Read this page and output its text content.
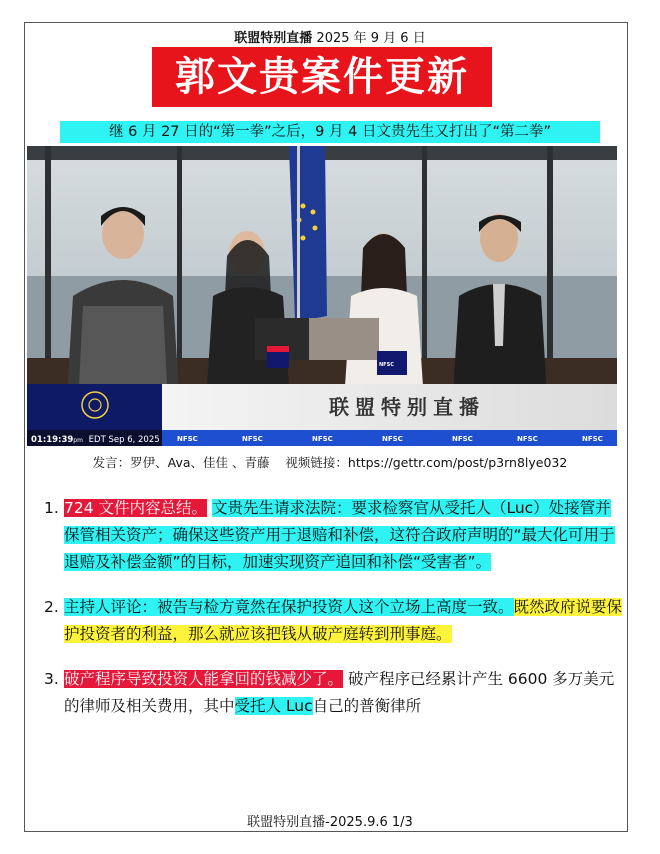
联盟特别直播 2025 年 9 月 6 日
郭文贵案件更新
继 6 月 27 日的“第一拳”之后，9 月 4 日文贵先生又打出了“第二拳”
联盟特别直播
01:19:39pm EDT Sep 6, 2025 NFSC	NFSC	NFSC	NFSC	NFSC	NFSC	NFSC
NFSC
发言：罗伊、Ava、佳佳 、青藤 视频链接：https://gettr.com/post/p3rn8lye032
1. 724 文件内容总结。 文贵先生请求法院：要求检察官从受托人（Luc）处接管并保管相关资产；确保这些资产用于退赔和补偿，这符合政府声明的“最大化可用于退赔及补偿金额”的目标，加速实现资产追回和补偿“受害者”。
2. 主持人评论：被告与检方竟然在保护投资人这个立场上高度一致。既然政府说要保护投资者的利益，那么就应该把钱从破产庭转到刑事庭。
3. 破产程序导致投资人能拿回的钱减少了。 破产程序已经累计产生 6600 多万美元的律师及相关费用，其中受托人 Luc自己的普衡律所
联盟特别直播-2025.9.6 1/3
